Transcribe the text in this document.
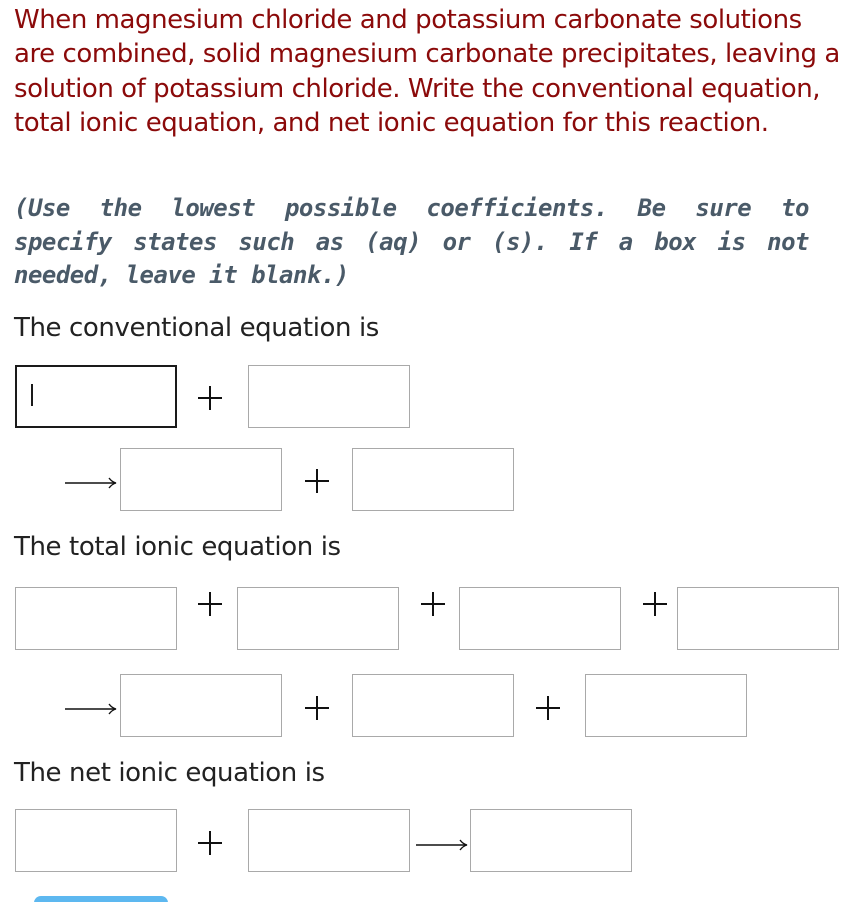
When magnesium chloride and potassium carbonate solutions are combined, solid magnesium carbonate precipitates, leaving a solution of potassium chloride. Write the conventional equation, total ionic equation, and net ionic equation for this reaction.

(Use the lowest possible coefficients. Be sure to specify states such as (aq) or (s). If a box is not needed, leave it blank.)

The conventional equation is

The total ionic equation is

The net ionic equation is
